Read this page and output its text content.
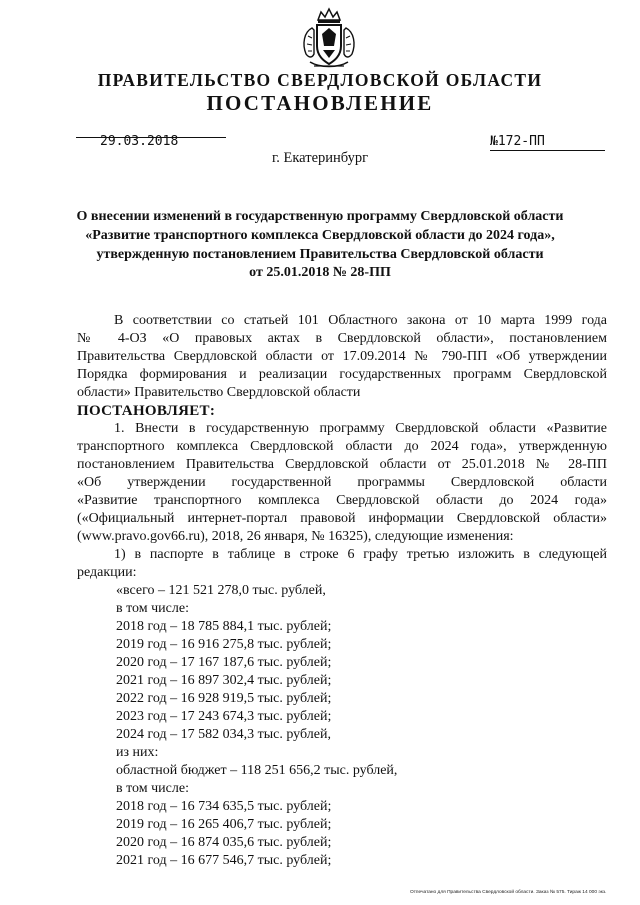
ПРАВИТЕЛЬСТВО СВЕРДЛОВСКОЙ ОБЛАСТИ
ПОСТАНОВЛЕНИЕ
29.03.2018	№172-ПП
г. Екатеринбург
О внесении изменений в государственную программу Свердловской области
«Развитие транспортного комплекса Свердловской области до 2024 года»,
утвержденную постановлением Правительства Свердловской области
от 25.01.2018 № 28-ПП
В соответствии со статьей 101 Областного закона от 10 марта 1999 года
№ 4-ОЗ «О правовых актах в Свердловской области», постановлением
Правительства Свердловской области от 17.09.2014 № 790-ПП «Об утверждении
Порядка формирования и реализации государственных программ Свердловской
области» Правительство Свердловской области
ПОСТАНОВЛЯЕТ:
1. Внести в государственную программу Свердловской области «Развитие
транспортного комплекса Свердловской области до 2024 года», утвержденную
постановлением Правительства Свердловской области от 25.01.2018 № 28-ПП
«Об утверждении государственной программы Свердловской области
«Развитие транспортного комплекса Свердловской области до 2024 года»
(«Официальный интернет-портал правовой информации Свердловской области»
(www.pravo.gov66.ru), 2018, 26 января, № 16325), следующие изменения:
1) в паспорте в таблице в строке 6 графу третью изложить в следующей
редакции:
«всего – 121 521 278,0 тыс. рублей,
в том числе:
2018 год – 18 785 884,1 тыс. рублей;
2019 год – 16 916 275,8 тыс. рублей;
2020 год – 17 167 187,6 тыс. рублей;
2021 год – 16 897 302,4 тыс. рублей;
2022 год – 16 928 919,5 тыс. рублей;
2023 год – 17 243 674,3 тыс. рублей;
2024 год – 17 582 034,3 тыс. рублей,
из них:
областной бюджет – 118 251 656,2 тыс. рублей,
в том числе:
2018 год – 16 734 635,5 тыс. рублей;
2019 год – 16 265 406,7 тыс. рублей;
2020 год – 16 874 035,6 тыс. рублей;
2021 год – 16 677 546,7 тыс. рублей;
Отпечатано для Правительства Свердловской области. Заказ № 575. Тираж 14 000 экз.
